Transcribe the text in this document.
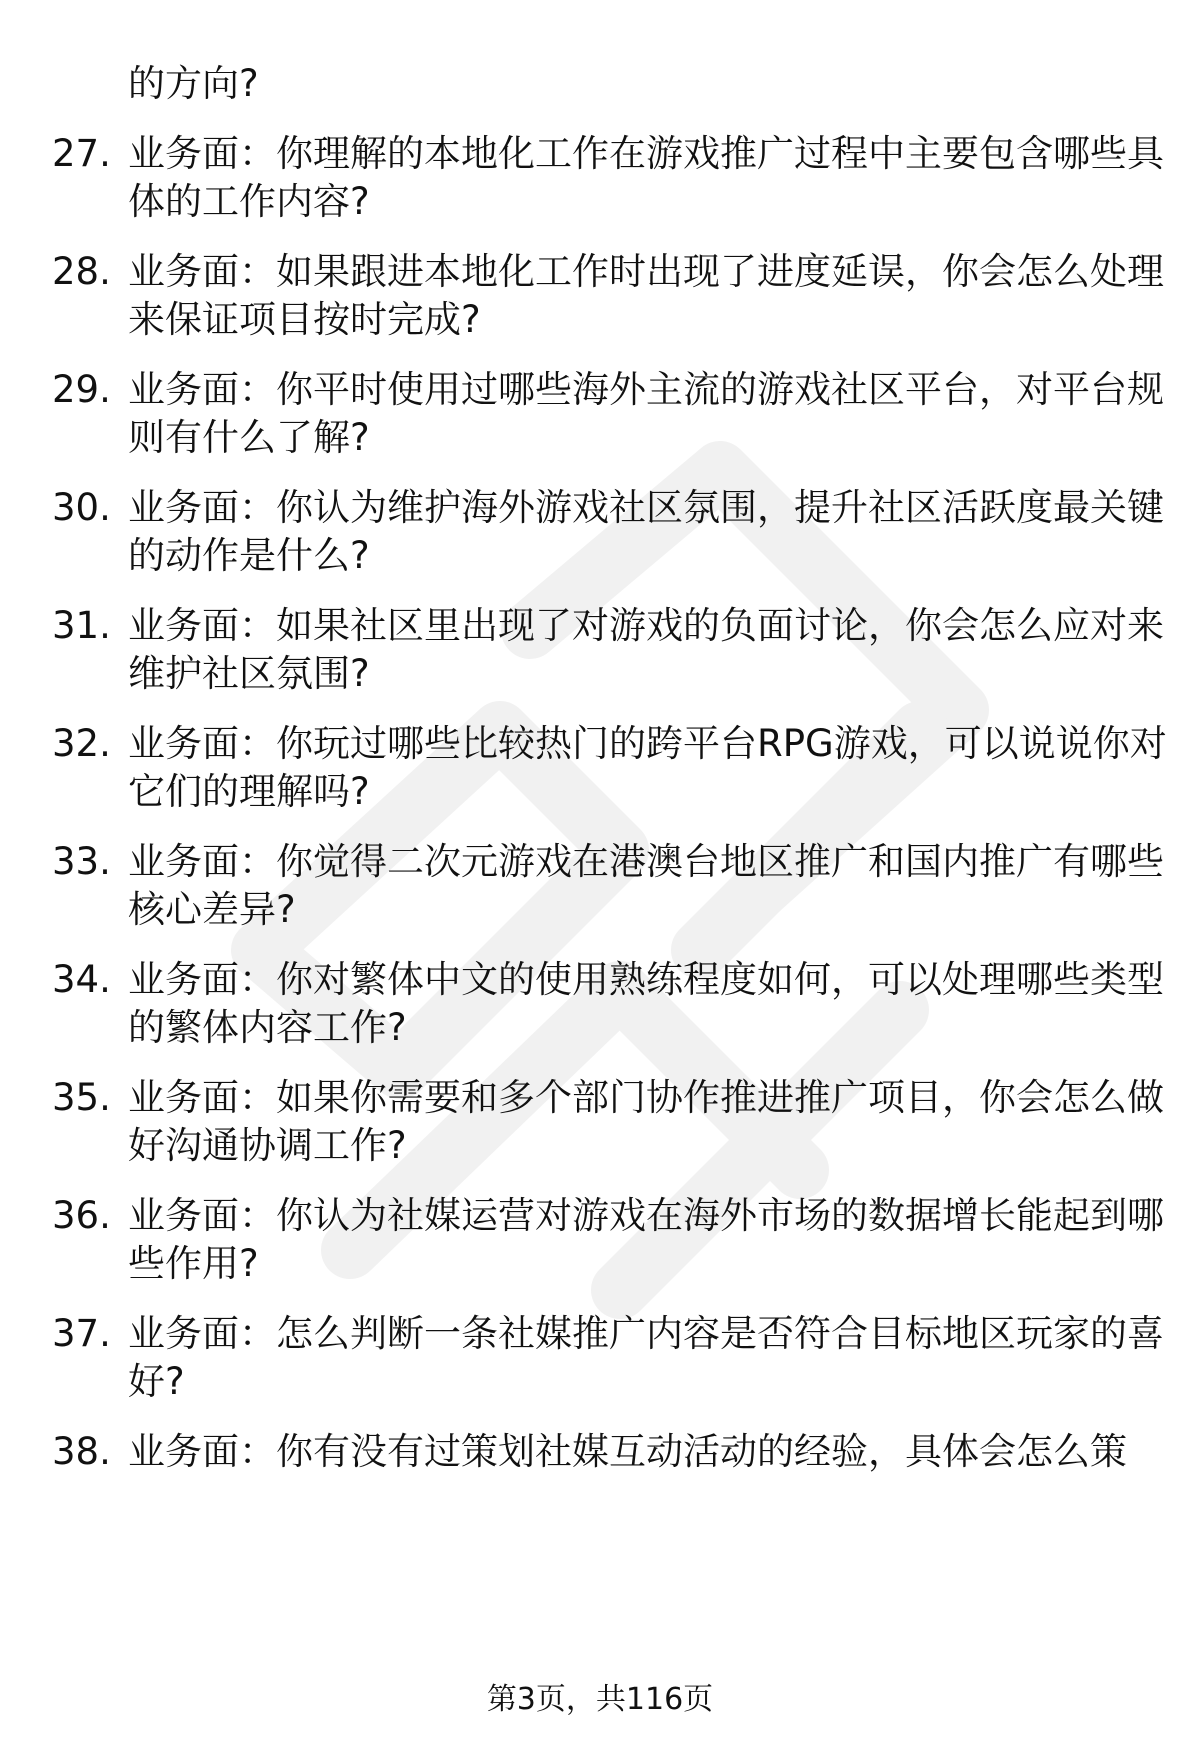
的方向?
27. 业务面：你理解的本地化工作在游戏推广过程中主要包含哪些具
体的工作内容?
28. 业务面：如果跟进本地化工作时出现了进度延误，你会怎么处理
来保证项目按时完成?
29. 业务面：你平时使用过哪些海外主流的游戏社区平台，对平台规
则有什么了解?
30. 业务面：你认为维护海外游戏社区氛围，提升社区活跃度最关键
的动作是什么?
31. 业务面：如果社区里出现了对游戏的负面讨论，你会怎么应对来
维护社区氛围?
32. 业务面：你玩过哪些比较热门的跨平台RPG游戏，可以说说你对
它们的理解吗?
33. 业务面：你觉得二次元游戏在港澳台地区推广和国内推广有哪些
核心差异?
34. 业务面：你对繁体中文的使用熟练程度如何，可以处理哪些类型
的繁体内容工作?
35. 业务面：如果你需要和多个部门协作推进推广项目，你会怎么做
好沟通协调工作?
36. 业务面：你认为社媒运营对游戏在海外市场的数据增长能起到哪
些作用?
37. 业务面：怎么判断一条社媒推广内容是否符合目标地区玩家的喜
好?
38. 业务面：你有没有过策划社媒互动活动的经验，具体会怎么策
第3页，共116页
